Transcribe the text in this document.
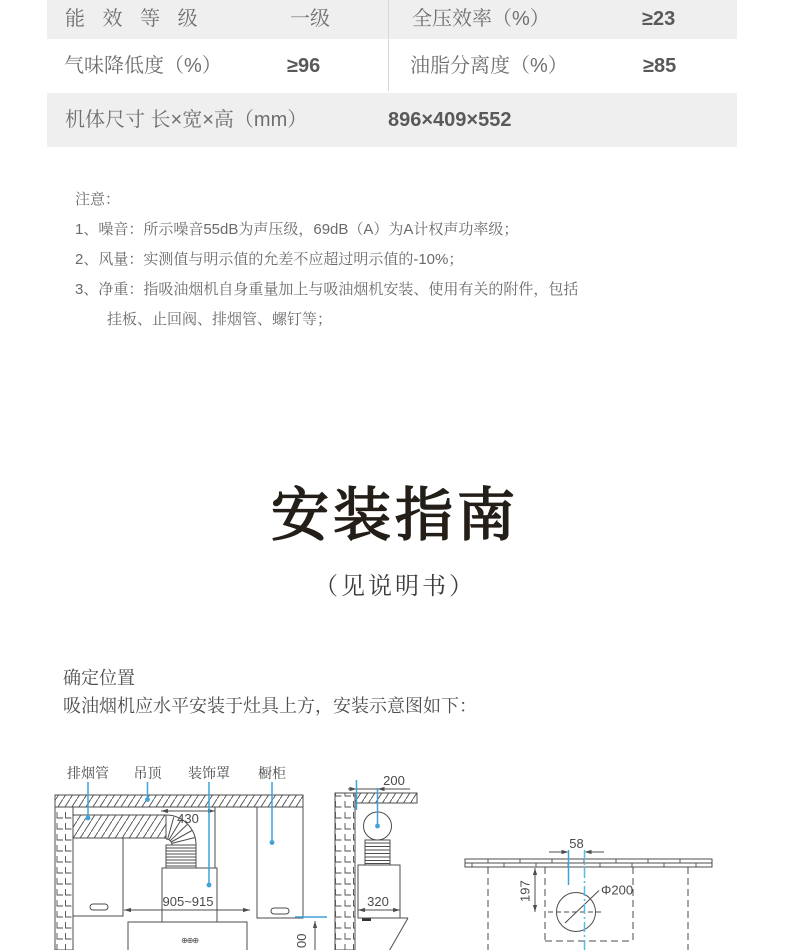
能 效 等 级	一级	全压效率（%）	≥23
气味降低度（%）	≥96	油脂分离度（%）	≥85
机体尺寸 长×宽×高（mm）	896×409×552
注意：
1、噪音：所示噪音55dB为声压级，69dB（A）为A计权声功率级；
2、风量：实测值与明示值的允差不应超过明示值的-10%；
3、净重：指吸油烟机自身重量加上与吸油烟机安装、使用有关的附件，包括
挂板、止回阀、排烟管、螺钉等；
安装指南
（见说明书）
确定位置
吸油烟机应水平安装于灶具上方，安装示意图如下：
排烟管 吊顶 装饰罩 橱柜
430
905~915
200
320
58
197	Φ200
00
⊕⊕⊕
